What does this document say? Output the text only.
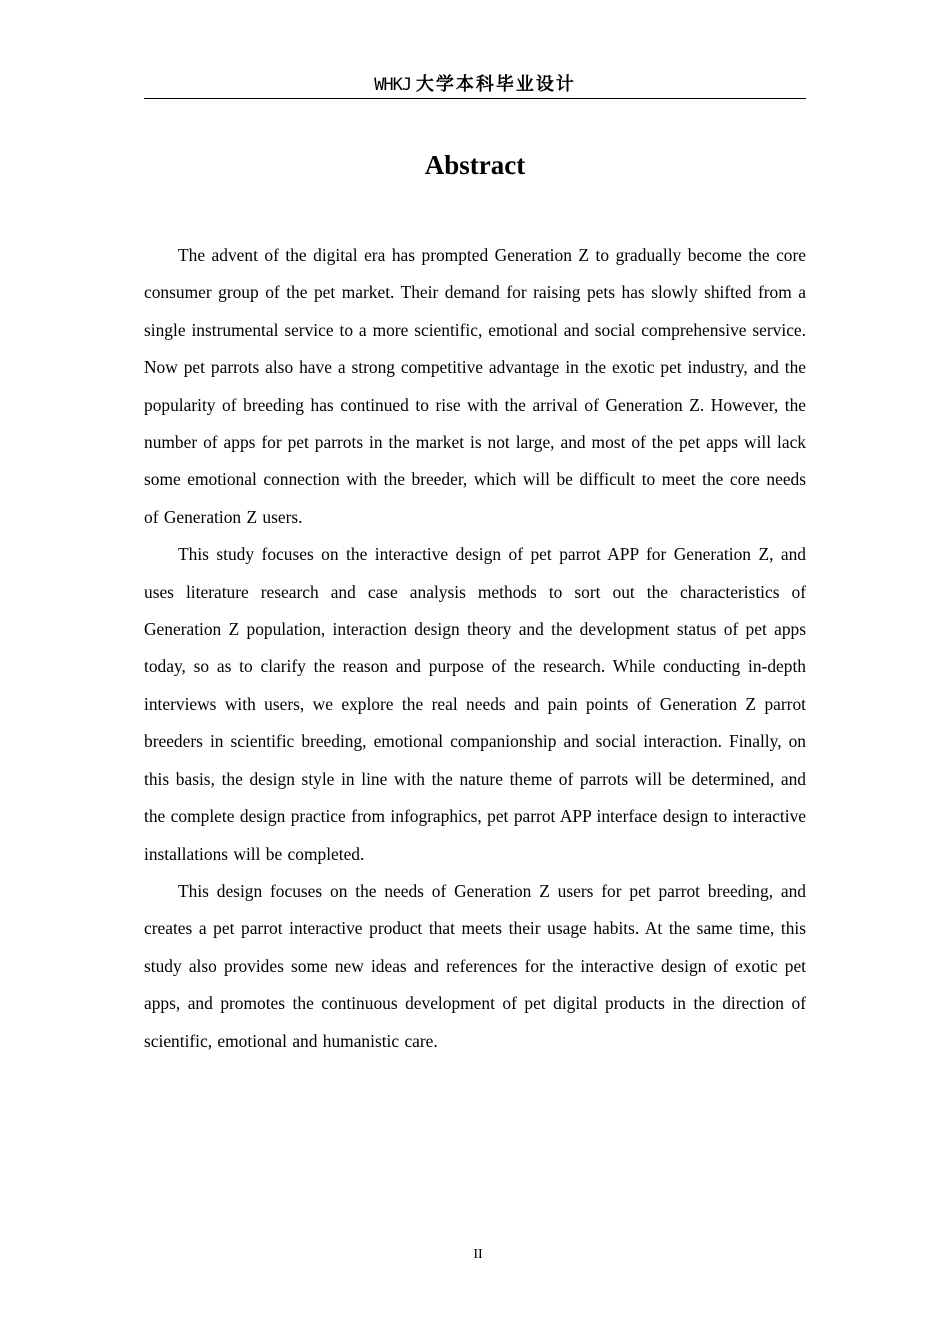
WHKJ 大学本科毕业设计
Abstract

The advent of the digital era has prompted Generation Z to gradually become the core consumer group of the pet market. Their demand for raising pets has slowly shifted from a single instrumental service to a more scientific, emotional and social comprehensive service. Now pet parrots also have a strong competitive advantage in the exotic pet industry, and the popularity of breeding has continued to rise with the arrival of Generation Z. However, the number of apps for pet parrots in the market is not large, and most of the pet apps will lack some emotional connection with the breeder, which will be difficult to meet the core needs of Generation Z users.

This study focuses on the interactive design of pet parrot APP for Generation Z, and uses literature research and case analysis methods to sort out the characteristics of Generation Z population, interaction design theory and the development status of pet apps today, so as to clarify the reason and purpose of the research. While conducting in-depth interviews with users, we explore the real needs and pain points of Generation Z parrot breeders in scientific breeding, emotional companionship and social interaction. Finally, on this basis, the design style in line with the nature theme of parrots will be determined, and the complete design practice from infographics, pet parrot APP interface design to interactive installations will be completed.

This design focuses on the needs of Generation Z users for pet parrot breeding, and creates a pet parrot interactive product that meets their usage habits. At the same time, this study also provides some new ideas and references for the interactive design of exotic pet apps, and promotes the continuous development of pet digital products in the direction of scientific, emotional and humanistic care.

II
